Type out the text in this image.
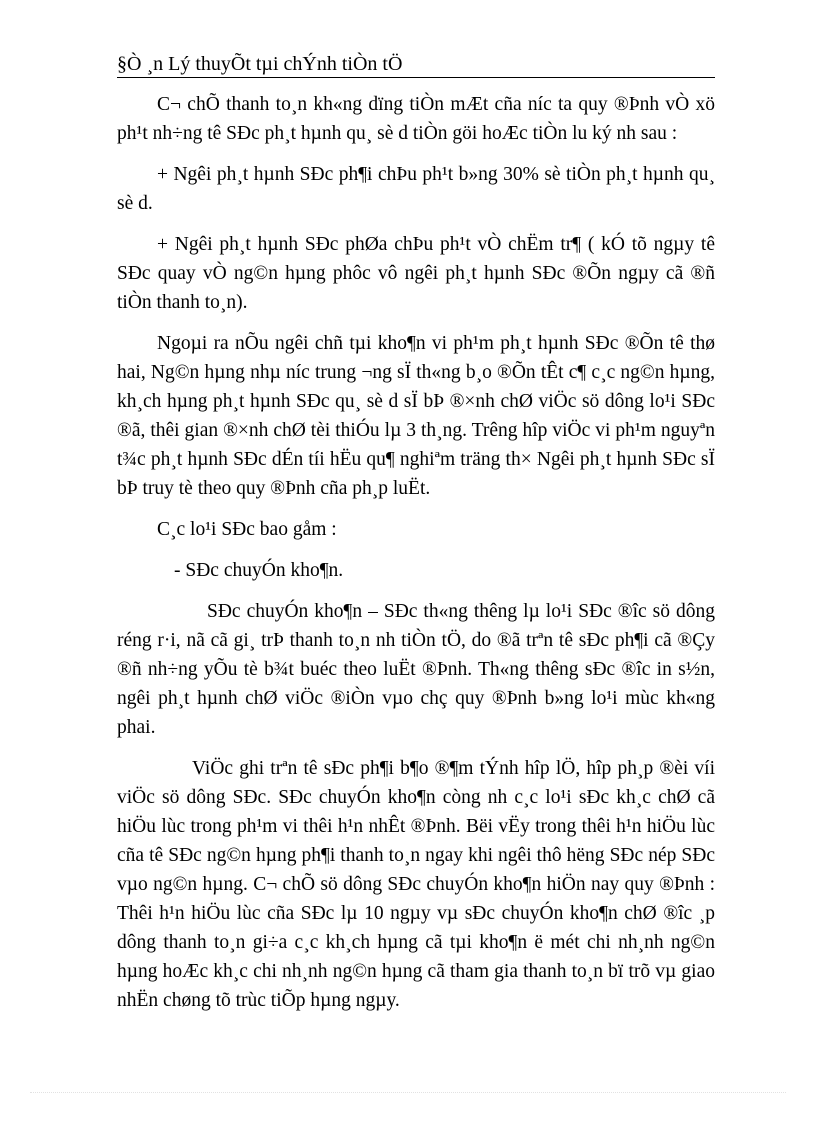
§Ò ¸n Lý thuyÕt tµi chÝnh tiÒn tÖ

C¬ chÕ thanh to¸n kh«ng dïng tiÒn mÆt cña níc ta quy ®Þnh vÒ xö ph¹t nh÷ng tê SÐc ph¸t hµnh qu¸ sè d tiÒn göi hoÆc tiÒn lu ký nh sau :

+ Ngêi ph¸t hµnh SÐc ph¶i chÞu ph¹t b»ng 30% sè tiÒn ph¸t hµnh qu¸ sè d.

+ Ngêi ph¸t hµnh SÐc phØa chÞu ph¹t vÒ chËm tr¶ ( kÓ tõ ngµy tê SÐc quay vÒ ng©n hµng phôc vô ngêi ph¸t hµnh SÐc ®Õn ngµy cã ®ñ tiÒn thanh to¸n).

Ngoµi ra nÕu ngêi chñ tµi kho¶n vi ph¹m ph¸t hµnh SÐc ®Õn tê thø hai, Ng©n hµng nhµ níc trung ¬ng sÏ th«ng b¸o ®Õn tÊt c¶ c¸c ng©n hµng, kh¸ch hµng ph¸t hµnh SÐc qu¸ sè d sÏ bÞ ®×nh chØ viÖc sö dông lo¹i SÐc ®ã, thêi gian ®×nh chØ tèi thiÓu lµ 3 th¸ng. Trêng hîp viÖc vi ph¹m nguyªn t¾c ph¸t hµnh SÐc dÉn tíi hËu qu¶ nghiªm träng th× Ngêi ph¸t hµnh SÐc sÏ bÞ truy tè theo quy ®Þnh cña ph¸p luËt.

C¸c lo¹i SÐc bao gåm :

- SÐc chuyÓn kho¶n.

SÐc chuyÓn kho¶n – SÐc th«ng thêng lµ lo¹i SÐc ®îc sö dông réng r·i, nã cã gi¸ trÞ thanh to¸n nh tiÒn tÖ, do ®ã trªn tê sÐc ph¶i cã ®Çy ®ñ nh÷ng yÕu tè b¾t buéc theo luËt ®Þnh. Th«ng thêng sÐc ®îc in s½n, ngêi ph¸t hµnh chØ viÖc ®iÒn vµo chç quy ®Þnh b»ng lo¹i mùc kh«ng phai.

ViÖc ghi trªn tê sÐc ph¶i b¶o ®¶m tÝnh hîp lÖ, hîp ph¸p ®èi víi viÖc sö dông SÐc. SÐc chuyÓn kho¶n còng nh c¸c lo¹i sÐc kh¸c chØ cã hiÖu lùc trong ph¹m vi thêi h¹n nhÊt ®Þnh. Bëi vËy trong thêi h¹n hiÖu lùc cña tê SÐc ng©n hµng ph¶i thanh to¸n ngay khi ngêi thô hëng SÐc nép SÐc vµo ng©n hµng. C¬ chÕ sö dông SÐc chuyÓn kho¶n hiÖn nay quy ®Þnh : Thêi h¹n hiÖu lùc cña SÐc lµ 10 ngµy vµ sÐc chuyÓn kho¶n chØ ®îc ¸p dông thanh to¸n gi÷a c¸c kh¸ch hµng cã tµi kho¶n ë mét chi nh¸nh ng©n hµng hoÆc kh¸c chi nh¸nh ng©n hµng cã tham gia thanh to¸n bï trõ vµ giao nhËn chøng tõ trùc tiÕp hµng ngµy.
